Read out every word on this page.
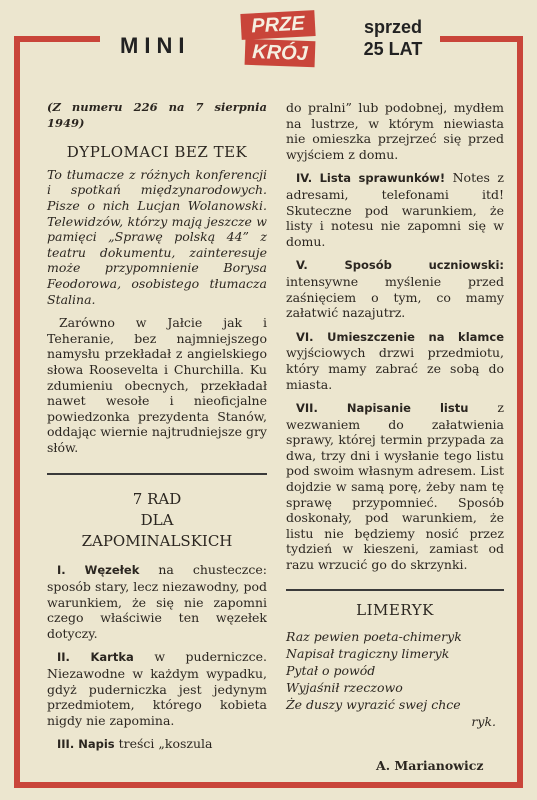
MINI
PRZE
KRÓJ
sprzed
25 LAT

(Z numeru 226 na 7 sierpnia 1949)

DYPLOMACI BEZ TEK

To tłumacze z różnych konferencji i spotkań międzynarodowych. Pisze o nich Lucjan Wolanowski. Telewidzów, którzy mają jeszcze w pamięci „Sprawę polską 44” z teatru dokumentu, zainteresuje może przypomnienie Borysa Feodorowa, osobistego tłumacza Stalina.

Zarówno w Jałcie jak i Teheranie, bez najmniejszego namysłu przekładał z angielskiego słowa Roosevelta i Churchilla. Ku zdumieniu obecnych, przekładał nawet wesołe i nieoficjalne powiedzonka prezydenta Stanów, oddając wiernie najtrudniejsze gry słów.

7 RAD
DLA
ZAPOMINALSKICH

I. Węzełek na chusteczce: sposób stary, lecz niezawodny, pod warunkiem, że się nie zapomni czego właściwie ten węzełek dotyczy.

II. Kartka w puderniczce. Niezawodne w każdym wypadku, gdyż puderniczka jest jedynym przedmiotem, którego kobieta nigdy nie zapomina.

III. Napis treści „koszula

do pralni” lub podobnej, mydłem na lustrze, w którym niewiasta nie omieszka przejrzeć się przed wyjściem z domu.

IV. Lista sprawunków! Notes z adresami, telefonami itd! Skuteczne pod warunkiem, że listy i notesu nie zapomni się w domu.

V. Sposób uczniowski: intensywne myślenie przed zaśnięciem o tym, co mamy załatwić nazajutrz.

VI. Umieszczenie na klamce wyjściowych drzwi przedmiotu, który mamy zabrać ze sobą do miasta.

VII. Napisanie listu z wezwaniem do załatwienia sprawy, której termin przypada za dwa, trzy dni i wysłanie tego listu pod swoim własnym adresem. List dojdzie w samą porę, żeby nam tę sprawę przypomnieć. Sposób doskonały, pod warunkiem, że listu nie będziemy nosić przez tydzień w kieszeni, zamiast od razu wrzucić go do skrzynki.

LIMERYK
Raz pewien poeta-chimeryk
Napisał tragiczny limeryk
Pytał o powód
Wyjaśnił rzeczowo
Że duszy wyrazić swej chce
ryk.
A. Marianowicz
